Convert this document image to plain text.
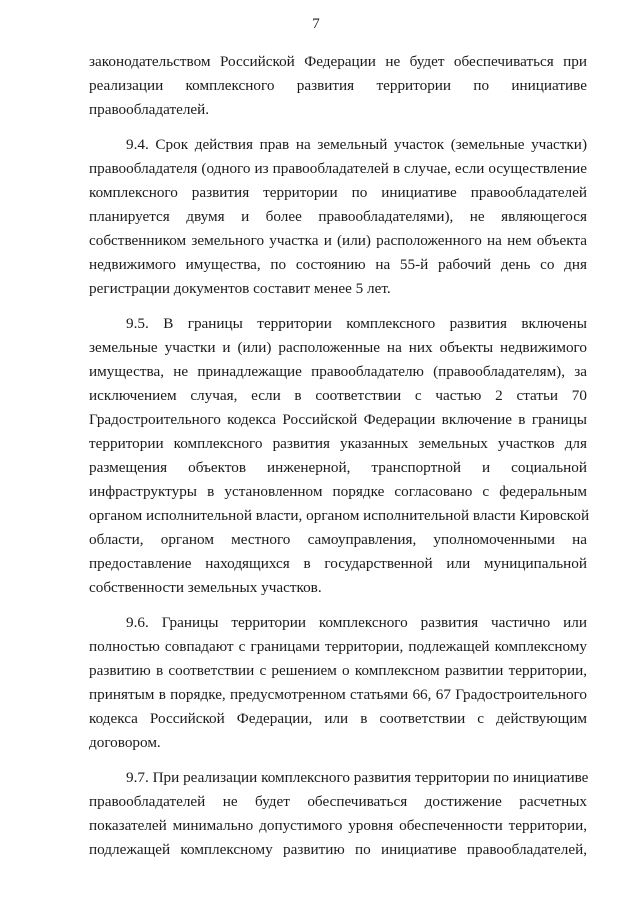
7
законодательством Российской Федерации не будет обеспечиваться при
реализации комплексного развития территории по инициативе
правообладателей.
9.4. Срок действия прав на земельный участок (земельные участки)
правообладателя (одного из правообладателей в случае, если осуществление
комплексного развития территории по инициативе правообладателей
планируется двумя и более правообладателями), не являющегося
собственником земельного участка и (или) расположенного на нем объекта
недвижимого имущества, по состоянию на 55-й рабочий день со дня
регистрации документов составит менее 5 лет.
9.5. В границы территории комплексного развития включены
земельные участки и (или) расположенные на них объекты недвижимого
имущества, не принадлежащие правообладателю (правообладателям), за
исключением случая, если в соответствии с частью 2 статьи 70
Градостроительного кодекса Российской Федерации включение в границы
территории комплексного развития указанных земельных участков для
размещения объектов инженерной, транспортной и социальной
инфраструктуры в установленном порядке согласовано с федеральным
органом исполнительной власти, органом исполнительной власти Кировской
области, органом местного самоуправления, уполномоченными на
предоставление находящихся в государственной или муниципальной
собственности земельных участков.
9.6. Границы территории комплексного развития частично или
полностью совпадают с границами территории, подлежащей комплексному
развитию в соответствии с решением о комплексном развитии территории,
принятым в порядке, предусмотренном статьями 66, 67 Градостроительного
кодекса Российской Федерации, или в соответствии с действующим
договором.
9.7. При реализации комплексного развития территории по инициативе
правообладателей не будет обеспечиваться достижение расчетных
показателей минимально допустимого уровня обеспеченности территории,
подлежащей комплексному развитию по инициативе правообладателей,
